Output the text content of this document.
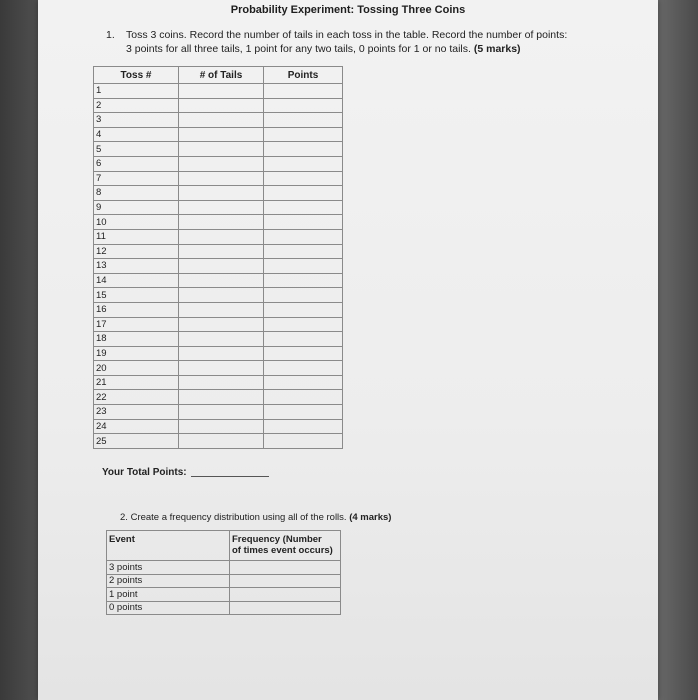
Probability Experiment: Tossing Three Coins
1. Toss 3 coins. Record the number of tails in each toss in the table. Record the number of points:
3 points for all three tails, 1 point for any two tails, 0 points for 1 or no tails. (5 marks)
Toss #	# of Tails	Points
1		
2		
3		
4		
5		
6		
7		
8		
9		
10		
11		
12		
13		
14		
15		
16		
17		
18		
19		
20		
21		
22		
23		
24		
25		
Your Total Points:
2. Create a frequency distribution using all of the rolls. (4 marks)
Event	Frequency (Number
of times event occurs)

3 points	
2 points	
1 point	
0 points	
